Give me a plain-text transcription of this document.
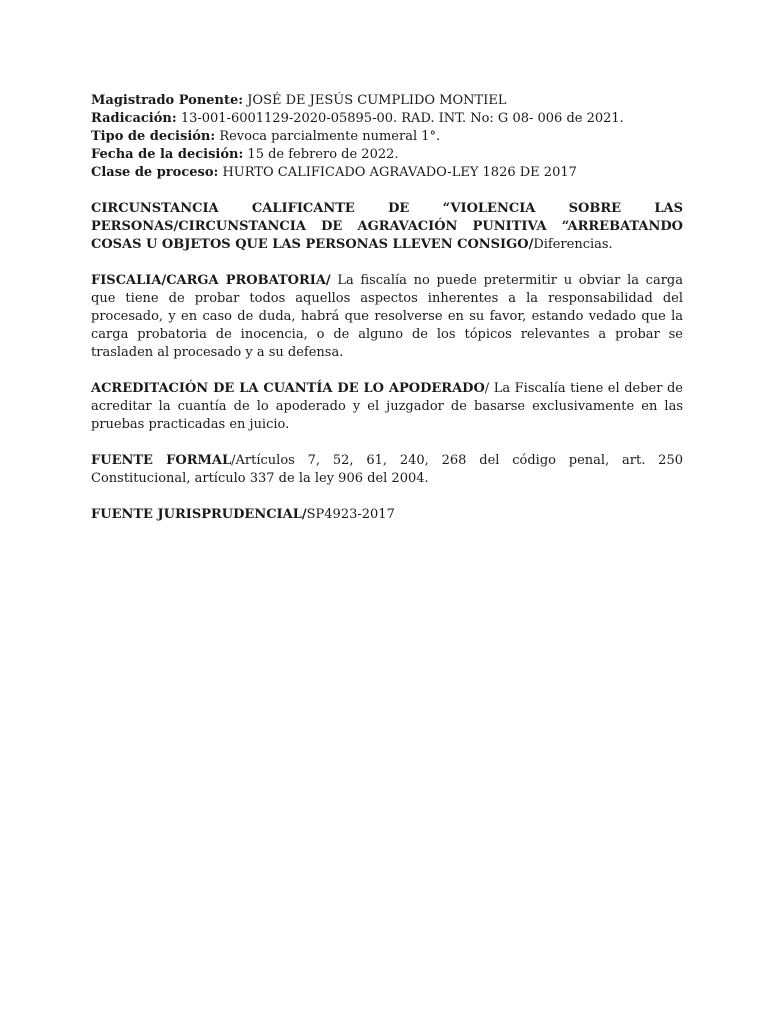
Magistrado Ponente: JOSÉ DE JESÚS CUMPLIDO MONTIEL

Radicación: 13-001-6001129-2020-05895-00. RAD. INT. No: G 08- 006 de 2021.

Tipo de decisión: Revoca parcialmente numeral 1°.

Fecha de la decisión: 15 de febrero de 2022.

Clase de proceso: HURTO CALIFICADO AGRAVADO-LEY 1826 DE 2017

CIRCUNSTANCIA CALIFICANTE DE “VIOLENCIA SOBRE LAS PERSONAS/CIRCUNSTANCIA DE AGRAVACIÓN PUNITIVA “ARREBATANDO COSAS U OBJETOS QUE LAS PERSONAS LLEVEN CONSIGO/Diferencias.

FISCALIA/CARGA PROBATORIA/ La fiscalía no puede pretermitir u obviar la carga que tiene de probar todos aquellos aspectos inherentes a la responsabilidad del procesado, y en caso de duda, habrá que resolverse en su favor, estando vedado que la carga probatoria de inocencia, o de alguno de los tópicos relevantes a probar se trasladen al procesado y a su defensa.

ACREDITACIÓN DE LA CUANTÍA DE LO APODERADO/ La Fiscalía tiene el deber de acreditar la cuantía de lo apoderado y el juzgador de basarse exclusivamente en las pruebas practicadas en juicio.

FUENTE FORMAL/Artículos 7, 52, 61, 240, 268 del código penal, art. 250 Constitucional, artículo 337 de la ley 906 del 2004.

FUENTE JURISPRUDENCIAL/SP4923-2017
